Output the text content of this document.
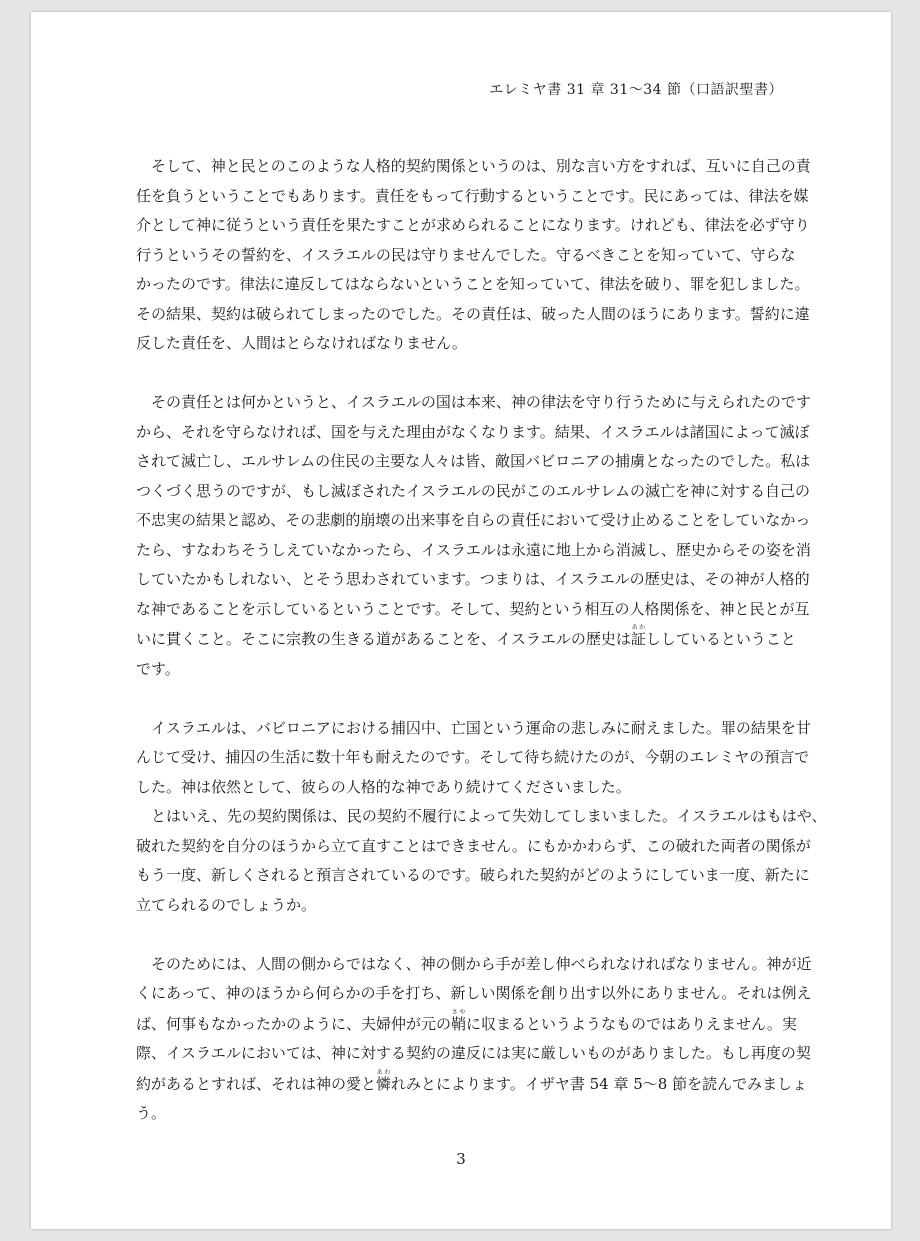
エレミヤ書 31 章 31～34 節（口語訳聖書）
　そして、神と民とのこのような人格的契約関係というのは、別な言い方をすれば、互いに自己の責
任を負うということでもあります。責任をもって行動するということです。民にあっては、律法を媒
介として神に従うという責任を果たすことが求められることになります。けれども、律法を必ず守り
行うというその誓約を、イスラエルの民は守りませんでした。守るべきことを知っていて、守らな
かったのです。律法に違反してはならないということを知っていて、律法を破り、罪を犯しました。
その結果、契約は破られてしまったのでした。その責任は、破った人間のほうにあります。誓約に違
反した責任を、人間はとらなければなりません。
　その責任とは何かというと、イスラエルの国は本来、神の律法を守り行うために与えられたのです
から、それを守らなければ、国を与えた理由がなくなります。結果、イスラエルは諸国によって滅ぼ
されて滅亡し、エルサレムの住民の主要な人々は皆、敵国バビロニアの捕虜となったのでした。私は
つくづく思うのですが、もし滅ぼされたイスラエルの民がこのエルサレムの滅亡を神に対する自己の
不忠実の結果と認め、その悲劇的崩壊の出来事を自らの責任において受け止めることをしていなかっ
たら、すなわちそうしえていなかったら、イスラエルは永遠に地上から消滅し、歴史からその姿を消
していたかもしれない、とそう思わされています。つまりは、イスラエルの歴史は、その神が人格的
な神であることを示しているということです。そして、契約という相互の人格関係を、神と民とが互
いに貫くこと。そこに宗教の生きる道があることを、イスラエルの歴史は証あかししているということ
です。
　イスラエルは、バビロニアにおける捕囚中、亡国という運命の悲しみに耐えました。罪の結果を甘
んじて受け、捕囚の生活に数十年も耐えたのです。そして待ち続けたのが、今朝のエレミヤの預言で
した。神は依然として、彼らの人格的な神であり続けてくださいました。
　とはいえ、先の契約関係は、民の契約不履行によって失効してしまいました。イスラエルはもはや、
破れた契約を自分のほうから立て直すことはできません。にもかかわらず、この破れた両者の関係が
もう一度、新しくされると預言されているのです。破られた契約がどのようにしていま一度、新たに
立てられるのでしょうか。
　そのためには、人間の側からではなく、神の側から手が差し伸べられなければなりません。神が近
くにあって、神のほうから何らかの手を打ち、新しい関係を創り出す以外にありません。それは例え
ば、何事もなかったかのように、夫婦仲が元の鞘さやに収まるというようなものではありえません。実
際、イスラエルにおいては、神に対する契約の違反には実に厳しいものがありました。もし再度の契
約があるとすれば、それは神の愛と憐あわれみとによります。イザヤ書 54 章 5～8 節を読んでみましょ
う。
3
